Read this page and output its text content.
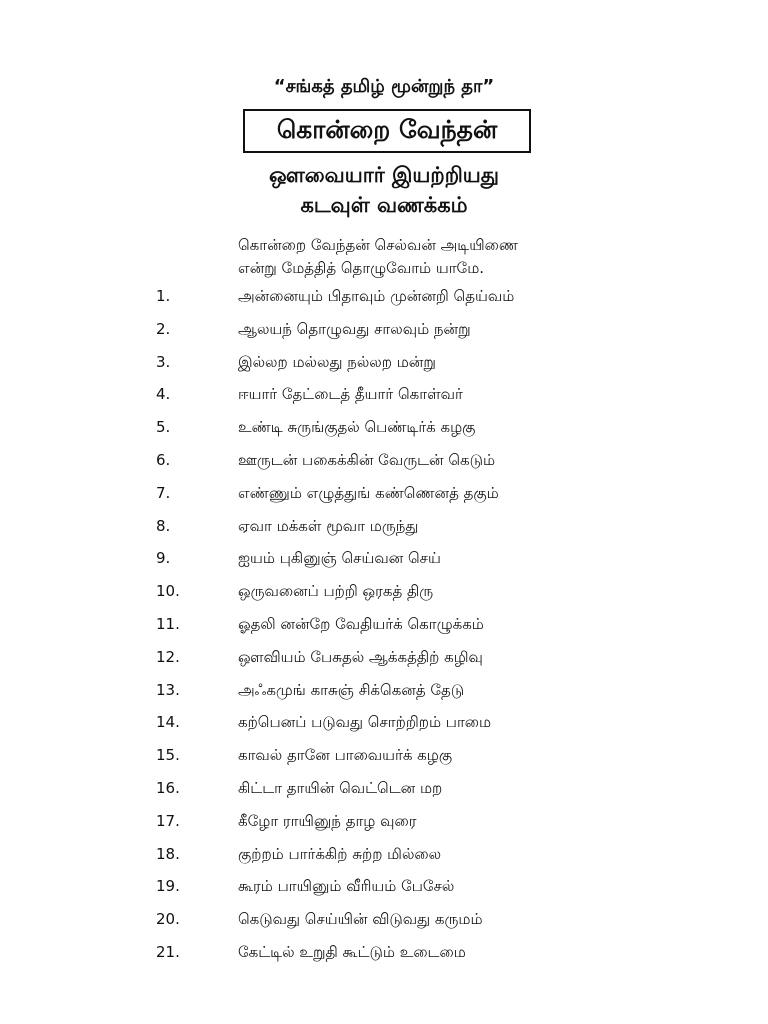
“சங்கத் தமிழ் மூன்றுந் தா”
கொன்றை வேந்தன்
ஔவையார் இயற்றியது
கடவுள் வணக்கம்
கொன்றை வேந்தன் செல்வன் அடியிணை
என்று மேத்தித் தொழுவோம் யாமே.
1.	அன்னையும் பிதாவும் முன்னறி தெய்வம்
2.	ஆலயந் தொழுவது சாலவும் நன்று
3.	இல்லற மல்லது நல்லற மன்று
4.	ஈயார் தேட்டைத் தீயார் கொள்வர்
5.	உண்டி சுருங்குதல் பெண்டிர்க் கழகு
6.	ஊருடன் பகைக்கின் வேருடன் கெடும்
7.	எண்ணும் எழுத்துங் கண்ணெனத் தகும்
8.	ஏவா மக்கள் மூவா மருந்து
9.	ஐயம் புகினுஞ் செய்வன செய்
10.	ஒருவனைப் பற்றி ஒரகத் திரு
11.	ஓதலி னன்றே வேதியர்க் கொழுக்கம்
12.	ஔவியம் பேசுதல் ஆக்கத்திற் கழிவு
13.	அஃகமுங் காசுஞ் சிக்கெனத் தேடு
14.	கற்பெனப் படுவது சொற்றிறம் பாமை
15.	காவல் தானே பாவையர்க் கழகு
16.	கிட்டா தாயின் வெட்டென மற
17.	கீழோ ராயினுந் தாழ வுரை
18.	குற்றம் பார்க்கிற் சுற்ற மில்லை
19.	கூரம் பாயினும் வீரியம் பேசேல்
20.	கெடுவது செய்யின் விடுவது கருமம்
21.	கேட்டில் உறுதி கூட்டும் உடைமை
